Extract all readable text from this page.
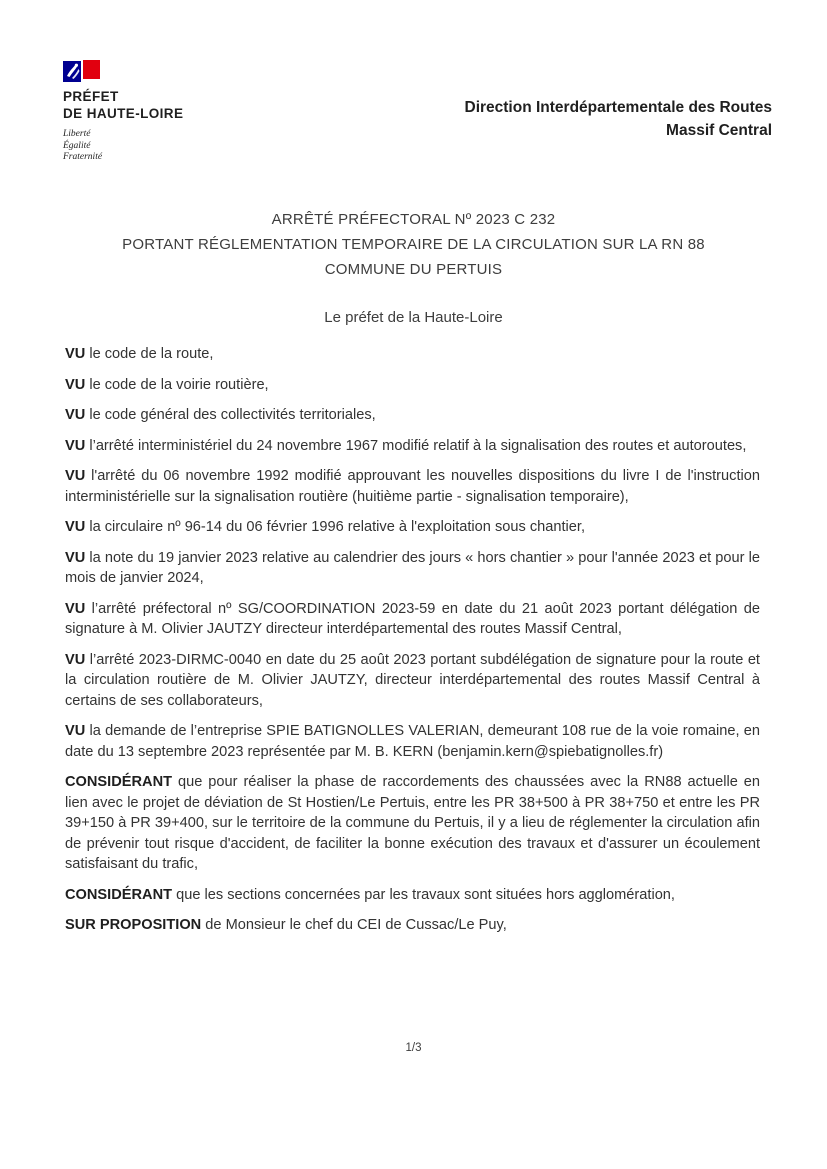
PRÉFET
DE HAUTE-LOIRE
Liberté
Égalité
Fraternité
Direction Interdépartementale des Routes
Massif Central
ARRÊTÉ PRÉFECTORAL Nº 2023 C 232
PORTANT RÉGLEMENTATION TEMPORAIRE DE LA CIRCULATION SUR LA RN 88
COMMUNE DU PERTUIS
Le préfet de la Haute-Loire

VU le code de la route,

VU le code de la voirie routière,

VU le code général des collectivités territoriales,

VU l’arrêté interministériel du 24 novembre 1967 modifié relatif à la signalisation des routes et autoroutes,

VU l'arrêté du 06 novembre 1992 modifié approuvant les nouvelles dispositions du livre I de l'instruction interministérielle sur la signalisation routière (huitième partie - signalisation temporaire),

VU la circulaire nº 96-14 du 06 février 1996 relative à l'exploitation sous chantier,

VU la note du 19 janvier 2023 relative au calendrier des jours « hors chantier » pour l'année 2023 et pour le mois de janvier 2024,

VU l’arrêté préfectoral nº SG/COORDINATION 2023-59 en date du 21 août 2023 portant délégation de signature à M. Olivier JAUTZY directeur interdépartemental des routes Massif Central,

VU l’arrêté 2023-DIRMC-0040 en date du 25 août 2023 portant subdélégation de signature pour la route et la circulation routière de M. Olivier JAUTZY, directeur interdépartemental des routes Massif Central à certains de ses collaborateurs,

VU la demande de l’entreprise SPIE BATIGNOLLES VALERIAN, demeurant 108 rue de la voie romaine, en date du 13 septembre 2023 représentée par M. B. KERN (benjamin.kern@spiebatignolles.fr)

CONSIDÉRANT que pour réaliser la phase de raccordements des chaussées avec la RN88 actuelle en lien avec le projet de déviation de St Hostien/Le Pertuis, entre les PR 38+500 à PR 38+750 et entre les PR 39+150 à PR 39+400, sur le territoire de la commune du Pertuis, il y a lieu de réglementer la circulation afin de prévenir tout risque d'accident, de faciliter la bonne exécution des travaux et d'assurer un écoulement satisfaisant du trafic,

CONSIDÉRANT que les sections concernées par les travaux sont situées hors agglomération,

SUR PROPOSITION de Monsieur le chef du CEI de Cussac/Le Puy,

1/3
